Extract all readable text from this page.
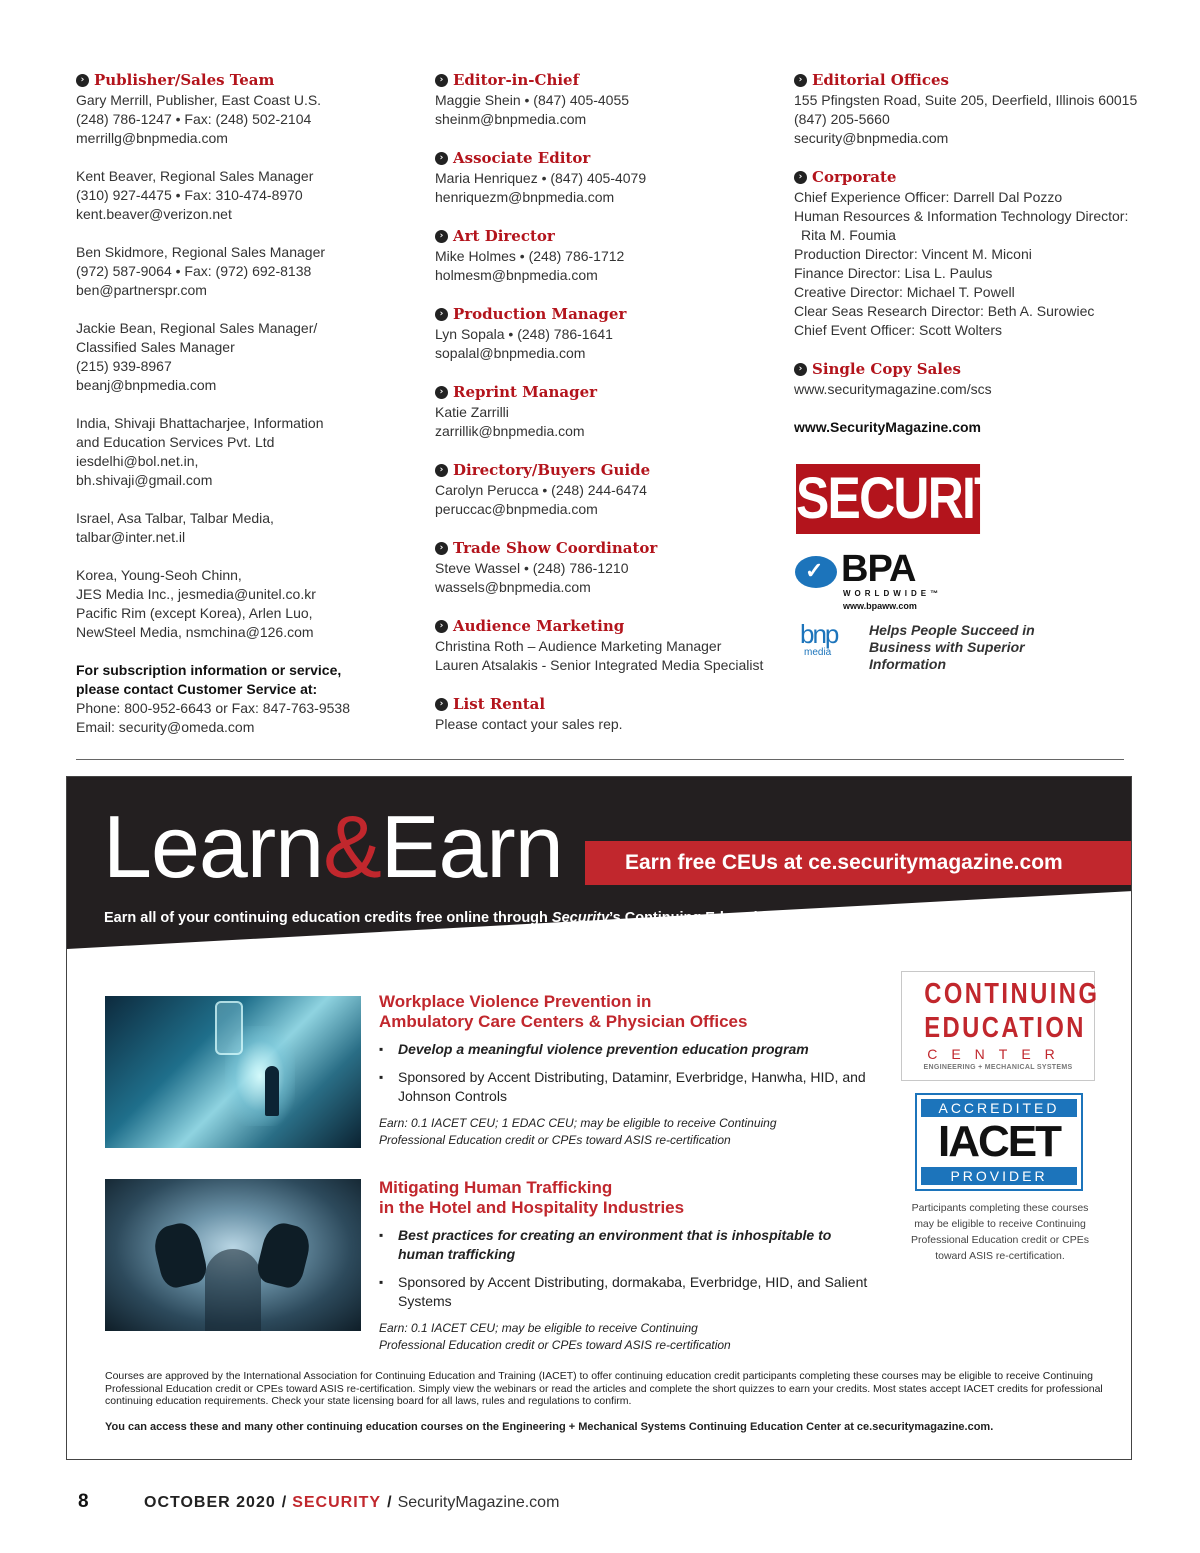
› Publisher/Sales Team
Gary Merrill, Publisher, East Coast U.S.
(248) 786-1247 • Fax: (248) 502-2104
merrillg@bnpmedia.com
Kent Beaver, Regional Sales Manager
(310) 927-4475 • Fax: 310-474-8970
kent.beaver@verizon.net
Ben Skidmore, Regional Sales Manager
(972) 587-9064 • Fax: (972) 692-8138
ben@partnerspr.com
Jackie Bean, Regional Sales Manager/
Classified Sales Manager
(215) 939-8967
beanj@bnpmedia.com
India, Shivaji Bhattacharjee, Information
and Education Services Pvt. Ltd
iesdelhi@bol.net.in,
bh.shivaji@gmail.com
Israel, Asa Talbar, Talbar Media,
talbar@inter.net.il
Korea, Young-Seoh Chinn,
JES Media Inc., jesmedia@unitel.co.kr
Pacific Rim (except Korea), Arlen Luo,
NewSteel Media, nsmchina@126.com
For subscription information or service,
please contact Customer Service at:
Phone: 800-952-6643 or Fax: 847-763-9538
Email: security@omeda.com
› Editor-in-Chief
Maggie Shein • (847) 405-4055
sheinm@bnpmedia.com
› Associate Editor
Maria Henriquez • (847) 405-4079
henriquezm@bnpmedia.com
› Art Director
Mike Holmes • (248) 786-1712
holmesm@bnpmedia.com
› Production Manager
Lyn Sopala • (248) 786-1641
sopalal@bnpmedia.com
› Reprint Manager
Katie Zarrilli
zarrillik@bnpmedia.com
› Directory/Buyers Guide
Carolyn Perucca • (248) 244-6474
peruccac@bnpmedia.com
› Trade Show Coordinator
Steve Wassel • (248) 786-1210
wassels@bnpmedia.com
› Audience Marketing
Christina Roth – Audience Marketing Manager
Lauren Atsalakis - Senior Integrated Media Specialist
› List Rental
Please contact your sales rep.
› Editorial Offices
155 Pfingsten Road, Suite 205, Deerfield, Illinois 60015
(847) 205-5660
security@bnpmedia.com
› Corporate
Chief Experience Officer: Darrell Dal Pozzo
Human Resources & Information Technology Director:
Rita M. Foumia
Production Director: Vincent M. Miconi
Finance Director: Lisa L. Paulus
Creative Director: Michael T. Powell
Clear Seas Research Director: Beth A. Surowiec
Chief Event Officer: Scott Wolters
› Single Copy Sales
www.securitymagazine.com/scs
www.SecurityMagazine.com
SECURITY
✓ BPA
WORLDWIDE™
www.bpaww.com
bnp
media
Helps People Succeed in Business with Superior Information
Earn free CEUs at ce.securitymagazine.com
Learn&Earn
Earn all of your continuing education credits free online through Security’s Continuing Education Center at ce.securitymagazine.com.
Workplace Violence Prevention in
Ambulatory Care Centers & Physician Offices
▪ Develop a meaningful violence prevention education program
▪ Sponsored by Accent Distributing, Dataminr, Everbridge, Hanwha, HID, and Johnson Controls
Earn: 0.1 IACET CEU; 1 EDAC CEU; may be eligible to receive Continuing
Professional Education credit or CPEs toward ASIS re-certification
Mitigating Human Trafficking
in the Hotel and Hospitality Industries
▪ Best practices for creating an environment that is inhospitable to human trafficking
▪ Sponsored by Accent Distributing, dormakaba, Everbridge, HID, and Salient Systems
Earn: 0.1 IACET CEU; may be eligible to receive Continuing
Professional Education credit or CPEs toward ASIS re-certification
CONTINUING
EDUCATION
CENTER
ENGINEERING + MECHANICAL SYSTEMS
ACCREDITED
IACET
PROVIDER
Participants completing these courses may be eligible to receive Continuing Professional Education credit or CPEs toward ASIS re-certification.
Courses are approved by the International Association for Continuing Education and Training (IACET) to offer continuing education credit participants completing these courses may be eligible to receive Continuing Professional Education credit or CPEs toward ASIS re-certification. Simply view the webinars or read the articles and complete the short quizzes to earn your credits. Most states accept IACET credits for professional continuing education requirements. Check your state licensing board for all laws, rules and regulations to confirm.
You can access these and many other continuing education courses on the Engineering + Mechanical Systems Continuing Education Center at ce.securitymagazine.com.
8	OCTOBER 2020 / SECURITY / SecurityMagazine.com
